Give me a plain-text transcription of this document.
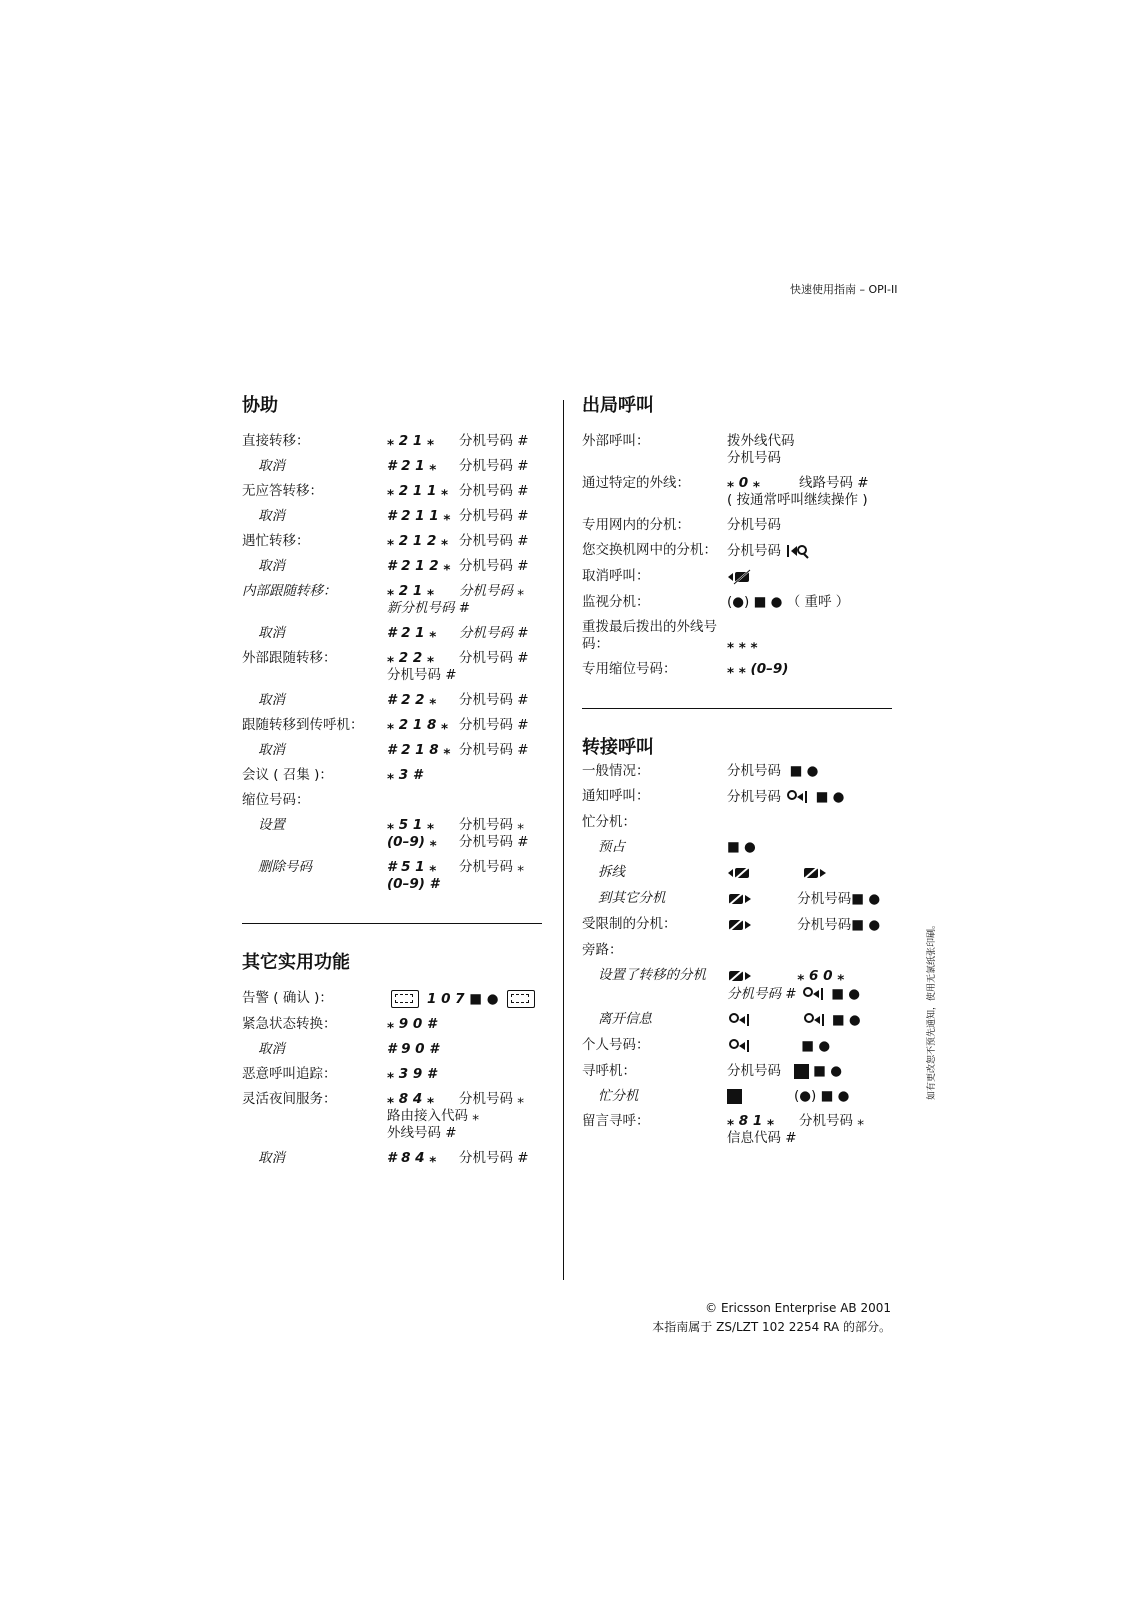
快速使用指南 – OPI-II
协助
直接转移：	⁎ 2 1 ⁎ 分机号码 #
取消	# 2 1 ⁎ 分机号码 #
无应答转移：	⁎ 2 1 1 ⁎ 分机号码 #
取消	# 2 1 1 ⁎ 分机号码 #
遇忙转移：	⁎ 2 1 2 ⁎ 分机号码 #
取消	# 2 1 2 ⁎ 分机号码 #
内部跟随转移：	⁎ 2 1 ⁎ 分机号码 ⁎
新分机号码 #
取消	# 2 1 ⁎ 分机号码 #
外部跟随转移：	⁎ 2 2 ⁎ 分机号码 #
分机号码 #
取消	# 2 2 ⁎ 分机号码 #
跟随转移到传呼机：	⁎ 2 1 8 ⁎ 分机号码 #
取消	# 2 1 8 ⁎ 分机号码 #
会议 ( 召集 )：	⁎ 3 #
缩位号码：
设置	⁎ 5 1 ⁎ 分机号码 ⁎
(0–9) ⁎ 分机号码 #
删除号码	# 5 1 ⁎ 分机号码 ⁎
(0–9) #
其它实用功能
告警 ( 确认 )：	1 0 7 ■ ●
紧急状态转换：	⁎ 9 0 #
取消	# 9 0 #
恶意呼叫追踪：	⁎ 3 9 #
灵活夜间服务：	⁎ 8 4 ⁎ 分机号码 ⁎
路由接入代码 ⁎
外线号码 #
取消	# 8 4 ⁎ 分机号码 #
出局呼叫
外部呼叫：	拨外线代码
分机号码
通过特定的外线：	⁎ 0 ⁎	线路号码 #
( 按通常呼叫继续操作 )
专用网内的分机：	分机号码
您交换机网中的分机： 分机号码
取消呼叫：
监视分机：	(●) ■ ● （ 重呼 ）
重拨最后拨出的外线号码：
	⁎ ⁎ ⁎
专用缩位号码：	⁎ ⁎ (0–9)
转接呼叫
一般情况：	分机号码 ■ ●
通知呼叫：	分机号码	■ ●
忙分机：
预占	■ ●
拆线

到其它分机	分机号码■ ●
受限制的分机：	分机号码■ ●
旁路：
设置了转移的分机	⁎ 6 0 ⁎
分机号码 #	■ ●
离开信息	■ ●
个人号码：	■ ●
寻呼机：	分机号码 ■ ●
忙分机	(●) ■ ●
留言寻呼：	⁎ 8 1 ⁎ 分机号码 ⁎
信息代码 #
© Ericsson Enterprise AB 2001
本指南属于 ZS/LZT 102 2254 RA 的部分。
如有更改恕不预先通知，使用无氯纸张印刷。
